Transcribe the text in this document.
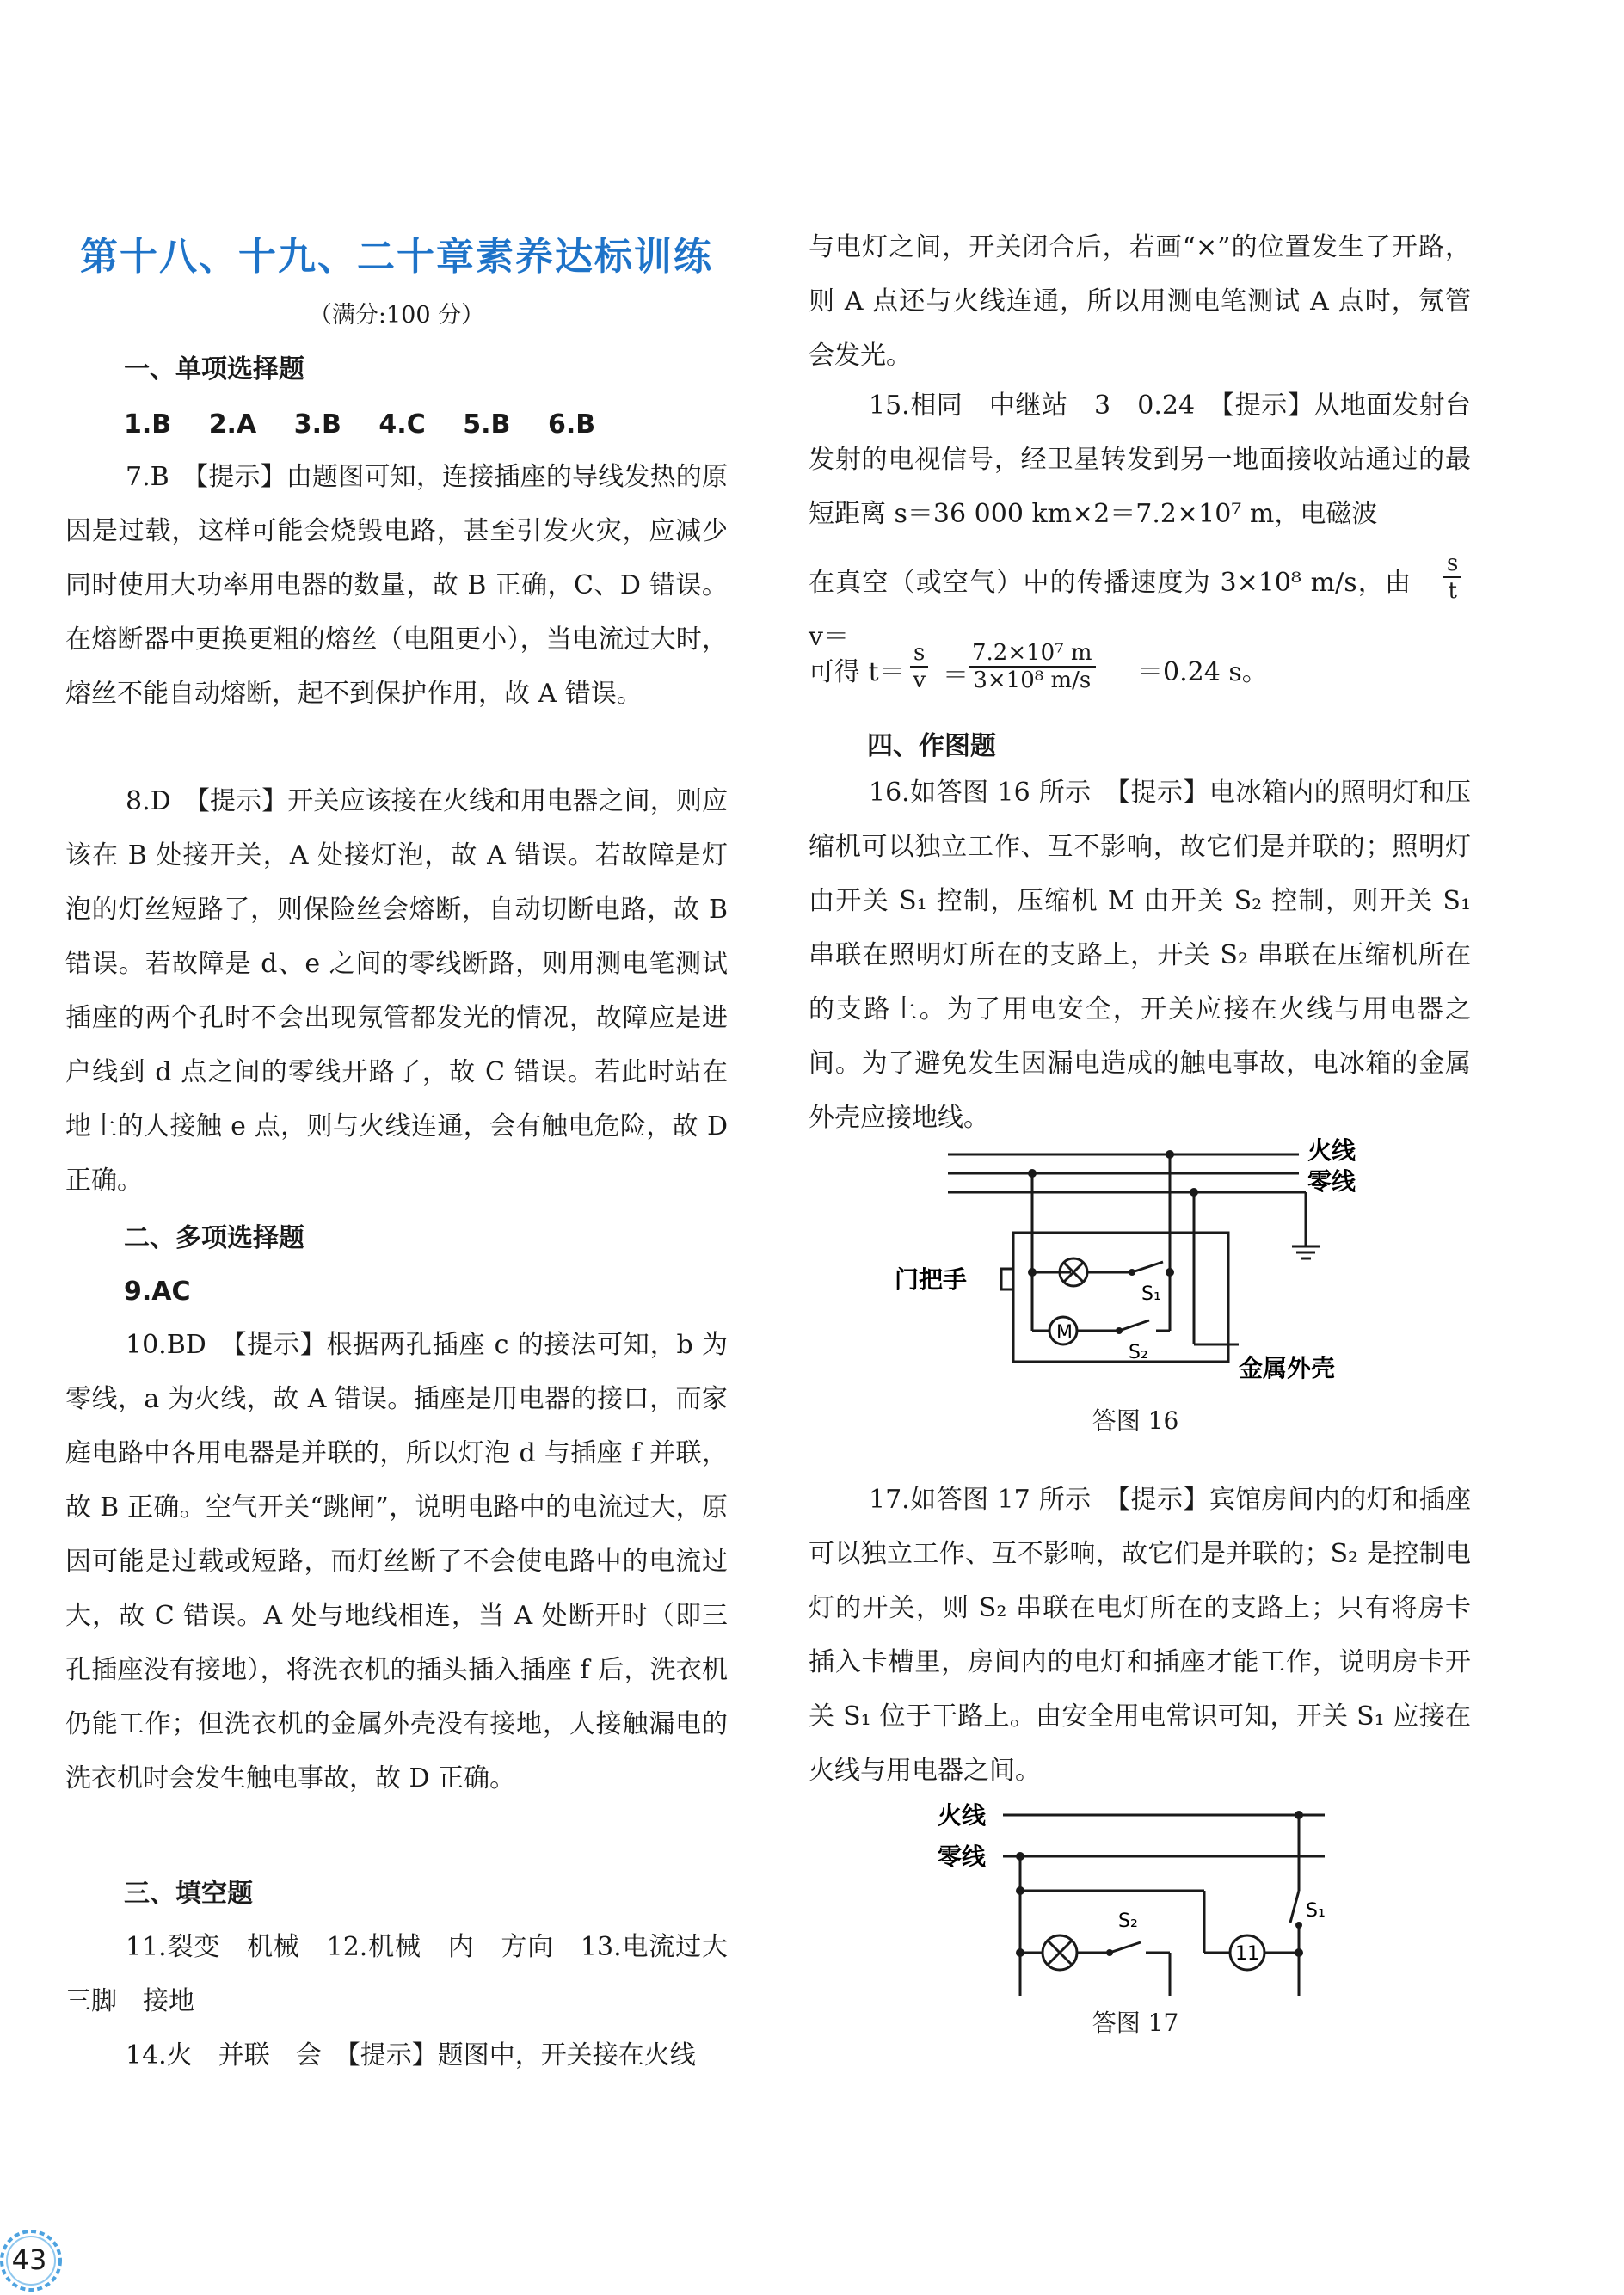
第十八、十九、二十章素养达标训练
（满分:100 分）
一、单项选择题

1.B 2.A 3.B 4.C 5.B 6.B

7.B　【提示】由题图可知，连接插座的导线发热的原因是过载，这样可能会烧毁电路，甚至引发火灾，应减少同时使用大功率用电器的数量，故 B 正确，C、D 错误。在熔断器中更换更粗的熔丝（电阻更小），当电流过大时，熔丝不能自动熔断，起不到保护作用，故 A 错误。

8.D　【提示】开关应该接在火线和用电器之间，则应该在 B 处接开关，A 处接灯泡，故 A 错误。若故障是灯泡的灯丝短路了，则保险丝会熔断，自动切断电路，故 B 错误。若故障是 d、e 之间的零线断路，则用测电笔测试插座的两个孔时不会出现氖管都发光的情况，故障应是进户线到 d 点之间的零线开路了，故 C 错误。若此时站在地上的人接触 e 点，则与火线连通，会有触电危险，故 D 正确。

二、多项选择题

9.AC

10.BD　【提示】根据两孔插座 c 的接法可知，b 为零线，a 为火线，故 A 错误。插座是用电器的接口，而家庭电路中各用电器是并联的，所以灯泡 d 与插座 f 并联，故 B 正确。空气开关“跳闸”，说明电路中的电流过大，原因可能是过载或短路，而灯丝断了不会使电路中的电流过大，故 C 错误。A 处与地线相连，当 A 处断开时（即三孔插座没有接地），将洗衣机的插头插入插座 f 后，洗衣机仍能工作；但洗衣机的金属外壳没有接地，人接触漏电的洗衣机时会发生触电事故，故 D 正确。

三、填空题

11.裂变　机械　12.机械　内　方向　13.电流过大　三脚　接地

14.火　并联　会　【提示】题图中，开关接在火线

与电灯之间，开关闭合后，若画“×”的位置发生了开路，则 A 点还与火线连通，所以用测电笔测试 A 点时，氖管会发光。

15.相同　中继站　3　0.24　【提示】从地面发射台发射的电视信号，经卫星转发到另一地面接收站通过的最短距离 s＝36 000 km×2＝7.2×10⁷ m，电磁波

在真空（或空气）中的传播速度为 3×10⁸ m/s，由 v＝

$\frac{s}{t}$

可得 $t= \frac{s}{v} = \frac{\text{7.2×10⁷ m}}{\text{3×10⁸ m/s}} =0.24$ s。

四、作图题

16.如答图 16 所示　【提示】电冰箱内的照明灯和压缩机可以独立工作、互不影响，故它们是并联的；照明灯由开关 S₁ 控制，压缩机 M 由开关 S₂ 控制，则开关 S₁ 串联在照明灯所在的支路上，开关 S₂ 串联在压缩机所在的支路上。为了用电安全，开关应接在火线与用电器之间。为了避免发生因漏电造成的触电事故，电冰箱的金属外壳应接地线。

火线
零线
门把手
S₁
S₂
M
金属外壳
答图 16

17.如答图 17 所示　【提示】宾馆房间内的灯和插座可以独立工作、互不影响，故它们是并联的；S₂ 是控制电灯的开关，则 S₂ 串联在电灯所在的支路上；只有将房卡插入卡槽里，房间内的电灯和插座才能工作，说明房卡开关 S₁ 位于干路上。由安全用电常识可知，开关 S₁ 应接在火线与用电器之间。

火线
零线
S₁
S₂
11
答图 17
43
